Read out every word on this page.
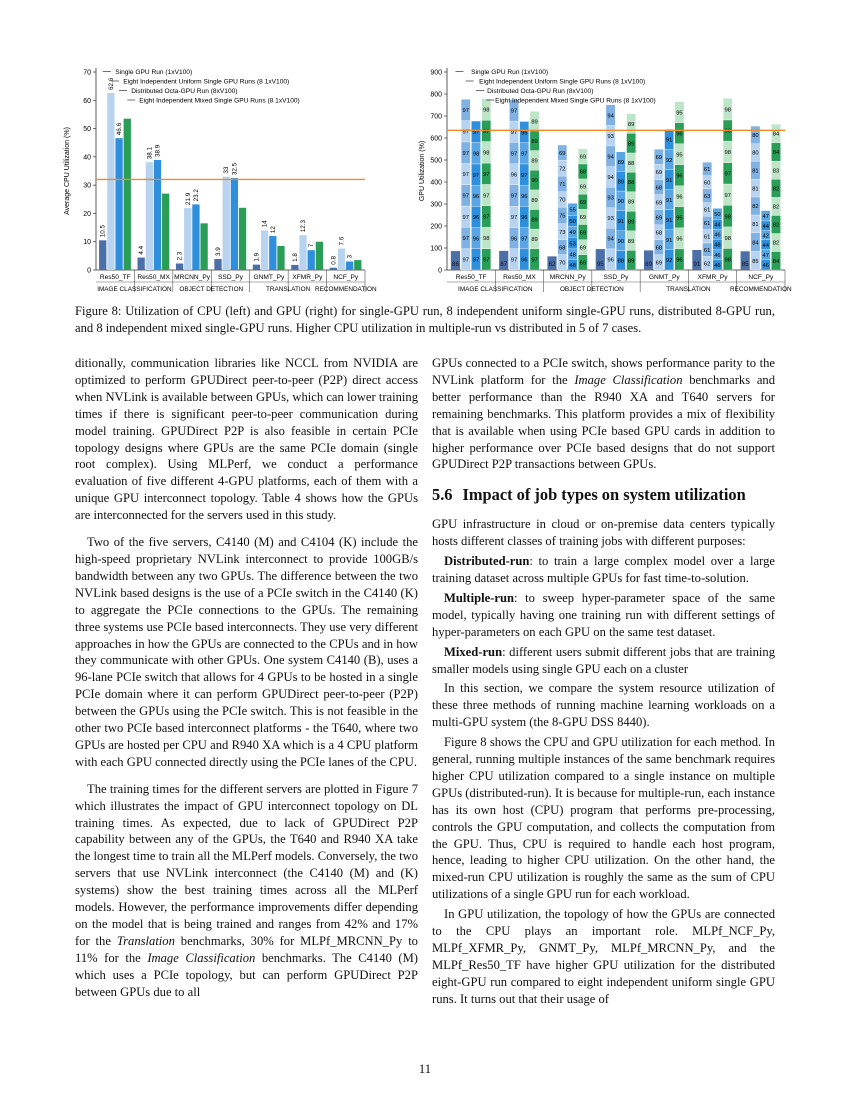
Average CPU Utilization (%)
0
10
20
30
40
50
60
70
10.5
62.6
46.6
Res50_TF
4.4
38.1 38.9
Res50_MX
2.3
21.9 23.2
MRCNN_Py
3.9
33 32.5
SSD_Py
1.9
14
12
GNMT_Py
1.8
12.3
7
XFMR_Py
0.8
7.6
3
NCF_Py
IMAGE CLASSIFICATION OBJECT DETECTION	TRANSLATION RECOMMENDATION
Single GPU Run (1xV100)
Eight Independent Uniform Single GPU Runs (8 1xV100)
Distributed Octa-GPU Run (8xV100)
Eight Independent Mixed Single GPU Runs (8 1xV100)
GPU Utilization (%)
0
100
200
300
400
500
600
700
800
900
86
97
97
97
97
97
97
97
97
97
96
96
96
97
98
97
97
98
97
97
97
98
97
98
Res50_TF
87
97
96
97
97
96
97
97
97
96
97
96
96
97
97
96
97
89
89
89
90
89
89
89
Res50_MX
62 70
68
73
75
70
71
72
69
48
48
53
49
50
55
69
69
69
69
69
69
68
69
MRCNN_Py
95
96
94
93
93
94
94
93
94
88
90
91
90
89
89
89
89
89
89
88
88
89
89
SSD_Py
89 69
68
68
69
69
68
69
69
92
91
91
91
91
92
91
96
96
95
96
96
95
96
95
GNMT_Py
91 62
61
61
61
61
63
60
61
46
46
48
46
44
50
98
98
98
97
97
98
96
98
XFMR_Py
85 85
84
81
82
81
81
80
80
46
47
44
42
44
47
84
82
82
82
82
83
84
84
NCF_Py
IMAGE CLASSIFICATION	OBJECT DETECTION	TRANSLATION	RECOMMENDATION
Single GPU Run (1xV100)
Eight Independent Uniform Single GPU Runs (8 1xV100)
Distributed Octa-GPU Run (8xV100)
Eight Independent Mixed Single GPU Runs (8 1xV100)
Figure 8: Utilization of CPU (left) and GPU (right) for single-GPU run, 8 independent uniform single-GPU runs, distributed 8-GPU run, and 8 independent mixed single-GPU runs. Higher CPU utilization in multiple-run vs distributed in 5 of 7 cases.

ditionally, communication libraries like NCCL from NVIDIA are optimized to perform GPUDirect peer-to-peer (P2P) direct access when NVLink is available between GPUs, which can lower training times if there is significant peer-to-peer communication during model training. GPUDirect P2P is also feasible in certain PCIe topology designs where GPUs are the same PCIe domain (single root complex). Using MLPerf, we conduct a performance evaluation of five different 4-GPU platforms, each of them with a unique GPU interconnect topology. Table 4 shows how the GPUs are interconnected for the servers used in this study.

Two of the five servers, C4140 (M) and C4104 (K) include the high-speed proprietary NVLink interconnect to provide 100GB/s bandwidth between any two GPUs. The difference between the two NVLink based designs is the use of a PCIe switch in the C4140 (K) to aggregate the PCIe connections to the GPUs. The remaining three systems use PCIe based interconnects. They use very different approaches in how the GPUs are connected to the CPUs and in how they communicate with other GPUs. One system C4140 (B), uses a 96-lane PCIe switch that allows for 4 GPUs to be hosted in a single PCIe domain where it can perform GPUDirect peer-to-peer (P2P) between the GPUs using the PCIe switch. This is not feasible in the other two PCIe based interconnect platforms - the T640, where two GPUs are hosted per CPU and R940 XA which is a 4 CPU platform with each GPU connected directly using the PCIe lanes of the CPU.

The training times for the different servers are plotted in Figure 7 which illustrates the impact of GPU interconnect topology on DL training times. As expected, due to lack of GPUDirect P2P capability between any of the GPUs, the T640 and R940 XA take the longest time to train all the MLPerf models. Conversely, the two servers that use NVLink interconnect (the C4140 (M) and (K) systems) show the best training times across all the MLPerf models. However, the performance improvements differ depending on the model that is being trained and ranges from 42% and 17% for the Translation benchmarks, 30% for MLPf_MRCNN_Py to 11% for the Image Classification benchmarks. The C4140 (M) which uses a PCIe topology, but can perform GPUDirect P2P between GPUs due to all

GPUs connected to a PCIe switch, shows performance parity to the NVLink platform for the Image Classification benchmarks and better performance than the R940 XA and T640 servers for remaining benchmarks. This platform provides a mix of flexibility that is available when using PCIe based GPU cards in addition to higher performance over PCIe based designs that do not support GPUDirect P2P transactions between GPUs.

5.6 Impact of job types on system utilization

GPU infrastructure in cloud or on-premise data centers typically hosts different classes of training jobs with different purposes:

Distributed-run: to train a large complex model over a large training dataset across multiple GPUs for fast time-to-solution.

Multiple-run: to sweep hyper-parameter space of the same model, typically having one training run with different settings of hyper-parameters on each GPU on the same test dataset.

Mixed-run: different users submit different jobs that are training smaller models using single GPU each on a cluster

In this section, we compare the system resource utilization of these three methods of running machine learning workloads on a multi-GPU system (the 8-GPU DSS 8440).

Figure 8 shows the CPU and GPU utilization for each method. In general, running multiple instances of the same benchmark requires higher CPU utilization compared to a single instance on multiple GPUs (distributed-run). It is because for multiple-run, each instance has its own host (CPU) program that performs pre-processing, controls the GPU computation, and collects the computation from the GPU. Thus, CPU is required to handle each host program, hence, leading to higher CPU utilization. On the other hand, the mixed-run CPU utilization is roughly the same as the sum of CPU utilizations of a single GPU run for each workload.

In GPU utilization, the topology of how the GPUs are connected to the CPU plays an important role. MLPf_NCF_Py, MLPf_XFMR_Py, GNMT_Py, MLPf_MRCNN_Py, and the MLPf_Res50_TF have higher GPU utilization for the distributed eight-GPU run compared to eight independent uniform single GPU runs. It turns out that their usage of

11
